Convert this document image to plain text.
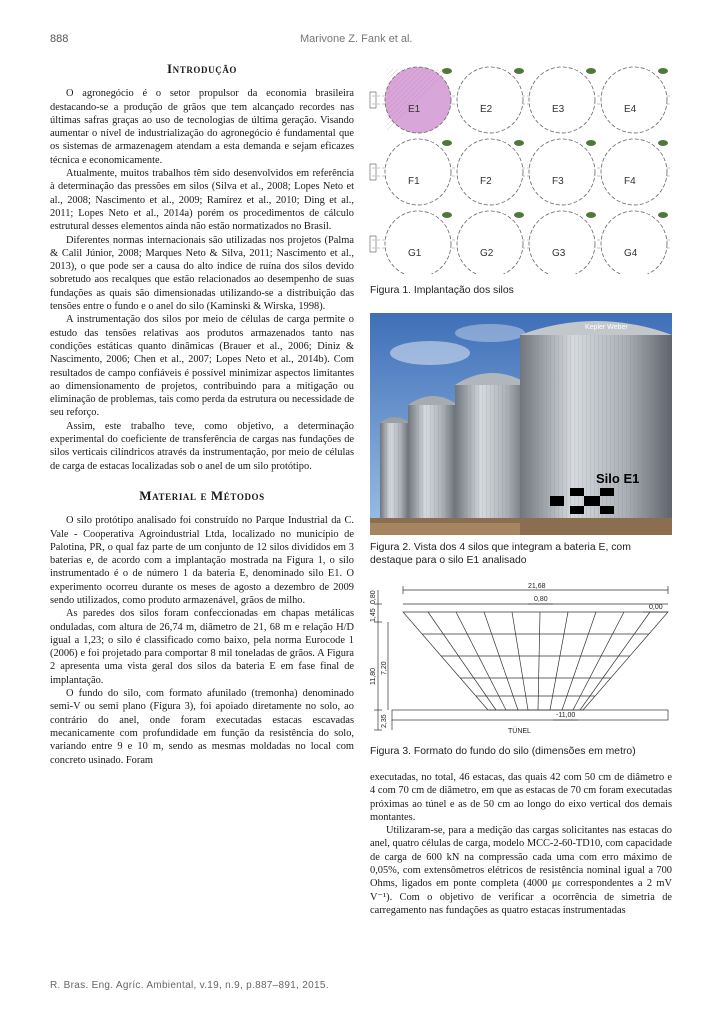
888	Marivone Z. Fank et al.
Introdução

O agronegócio é o setor propulsor da economia brasileira destacando-se a produção de grãos que tem alcançado recordes nas últimas safras graças ao uso de tecnologias de última geração. Visando aumentar o nível de industrialização do agronegócio é fundamental que os sistemas de armazenagem atendam a esta demanda e sejam eficazes técnica e economicamente.

Atualmente, muitos trabalhos têm sido desenvolvidos em referência à determinação das pressões em silos (Silva et al., 2008; Lopes Neto et al., 2008; Nascimento et al., 2009; Ramírez et al., 2010; Ding et al., 2011; Lopes Neto et al., 2014a) porém os procedimentos de cálculo estrutural desses elementos ainda não estão normatizados no Brasil.

Diferentes normas internacionais são utilizadas nos projetos (Palma & Calil Júnior, 2008; Marques Neto & Silva, 2011; Nascimento et al., 2013), o que pode ser a causa do alto índice de ruína dos silos devido sobretudo aos recalques que estão relacionados ao desempenho de suas fundações as quais são dimensionadas utilizando-se a distribuição das tensões entre o fundo e o anel do silo (Kaminski & Wirska, 1998).

A instrumentação dos silos por meio de células de carga permite o estudo das tensões relativas aos produtos armazenados tanto nas condições estáticas quanto dinâmicas (Brauer et al., 2006; Diniz & Nascimento, 2006; Chen et al., 2007; Lopes Neto et al., 2014b). Com resultados de campo confiáveis é possível minimizar aspectos limitantes ao dimensionamento de projetos, contribuindo para a mitigação ou eliminação de problemas, tais como perda da estrutura ou necessidade de seu reforço.

Assim, este trabalho teve, como objetivo, a determinação experimental do coeficiente de transferência de cargas nas fundações de silos verticais cilíndricos através da instrumentação, por meio de células de carga de estacas localizadas sob o anel de um silo protótipo.

Material e Métodos

O silo protótipo analisado foi construído no Parque Industrial da C. Vale - Cooperativa Agroindustrial Ltda, localizado no município de Palotina, PR, o qual faz parte de um conjunto de 12 silos divididos em 3 baterias e, de acordo com a implantação mostrada na Figura 1, o silo instrumentado é o de número 1 da bateria E, denominado silo E1. O experimento ocorreu durante os meses de agosto a dezembro de 2009 sendo utilizados, como produto armazenável, grãos de milho.

As paredes dos silos foram confeccionadas em chapas metálicas onduladas, com altura de 26,74 m, diâmetro de 21, 68 m e relação H/D igual a 1,23; o silo é classificado como baixo, pela norma Eurocode 1 (2006) e foi projetado para comportar 8 mil toneladas de grãos. A Figura 2 apresenta uma vista geral dos silos da bateria E em fase final de implantação.

O fundo do silo, com formato afunilado (tremonha) denominado semi-V ou semi plano (Figura 3), foi apoiado diretamente no solo, ao contrário do anel, onde foram executadas estacas escavadas mecanicamente com profundidade em função da resistência do solo, variando entre 9 e 10 m, sendo as mesmas moldadas no local com concreto usinado. Foram

E1	E2	E3	E4
F1	F2	F3	F4
G1	G2	G3	G4
Figura 1. Implantação dos silos
Kepler Weber
Silo E1
Figura 2. Vista dos 4 silos que integram a bateria E, com destaque para o silo E1 analisado
21,68
0,80
0,00
-11,00
TÚNEL
0,80
1,45
11,80 7,20
2,35
Figura 3. Formato do fundo do silo (dimensões em metro)

executadas, no total, 46 estacas, das quais 42 com 50 cm de diâmetro e 4 com 70 cm de diâmetro, em que as estacas de 70 cm foram executadas próximas ao túnel e as de 50 cm ao longo do eixo vertical dos demais montantes.

Utilizaram-se, para a medição das cargas solicitantes nas estacas do anel, quatro células de carga, modelo MCC-2-60-TD10, com capacidade de carga de 600 kN na compressão cada uma com erro máximo de 0,05%, com extensômetros elétricos de resistência nominal igual a 700 Ohms, ligados em ponte completa (4000 με correspondentes a 2 mV V⁻¹). Com o objetivo de verificar a ocorrência de simetria de carregamento nas fundações as quatro estacas instrumentadas

R. Bras. Eng. Agríc. Ambiental, v.19, n.9, p.887–891, 2015.
